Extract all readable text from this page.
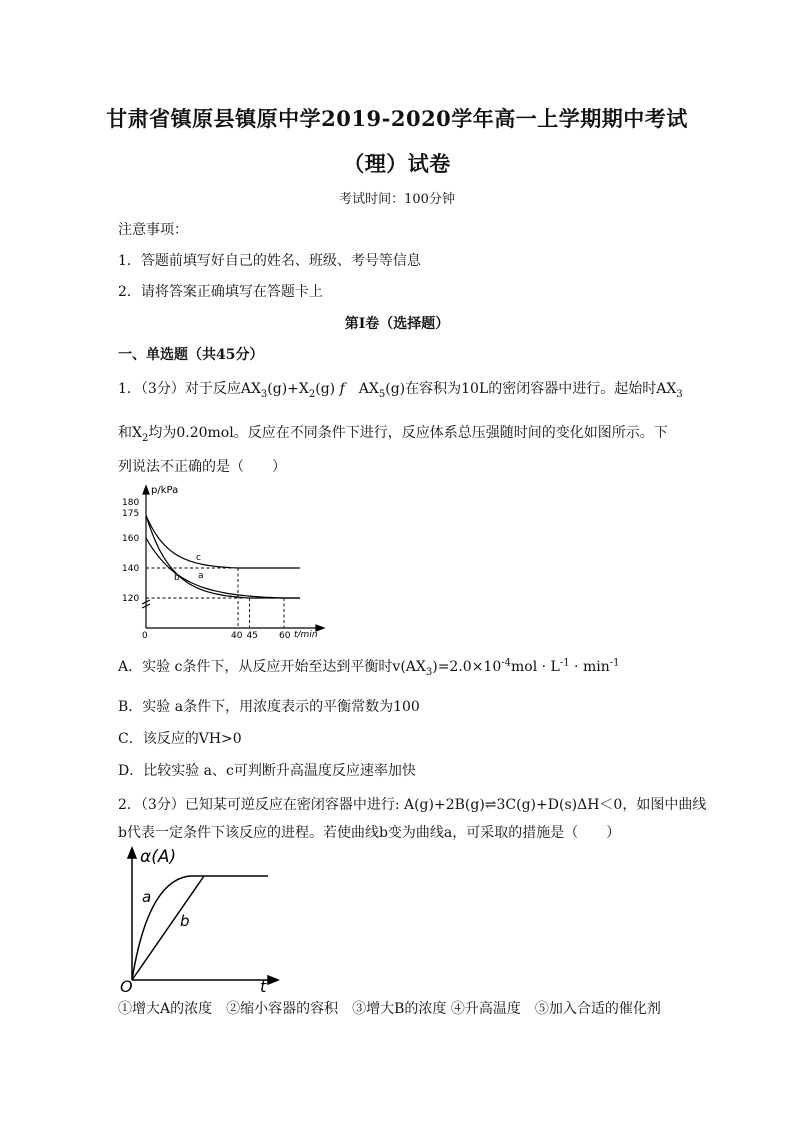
甘肃省镇原县镇原中学2019-2020学年高一上学期期中考试
（理）试卷
考试时间：100分钟
注意事项：
1．答题前填写好自己的姓名、班级、考号等信息
2．请将答案正确填写在答题卡上
第I卷（选择题）
一、单选题（共45分）
1．（3分）对于反应$AX_3(g)+X_2(g)$ f　$AX_5(g)$在容积为10L的密闭容器中进行。起始时$AX_3$
和$X_2$均为0.20mol。反应在不同条件下进行，反应体系总压强随时间的变化如图所示。下
列说法不正确的是（　　）
a
b
c
180
175
160
140
120
0	40 45 60
p/kPa
t/min
A．实验 c条件下，从反应开始至达到平衡时$v(AX_3)=2.0\times 10^{-4}mol \cdot L^{-1} \cdot \min^{-1}$
B．实验 a条件下，用浓度表示的平衡常数为100
C．该反应的VH>0
D．比较实验 a、c可判断升高温度反应速率加快
2．（3分）已知某可逆反应在密闭容器中进行: A(g)+2B(g)⇌3C(g)+D(s)ΔH＜0，如图中曲线
b代表一定条件下该反应的进程。若使曲线b变为曲线a，可采取的措施是（　　）
α(A)
t
O
a
b
①增大A的浓度　②缩小容器的容积　③增大B的浓度 ④升高温度　⑤加入合适的催化剂
